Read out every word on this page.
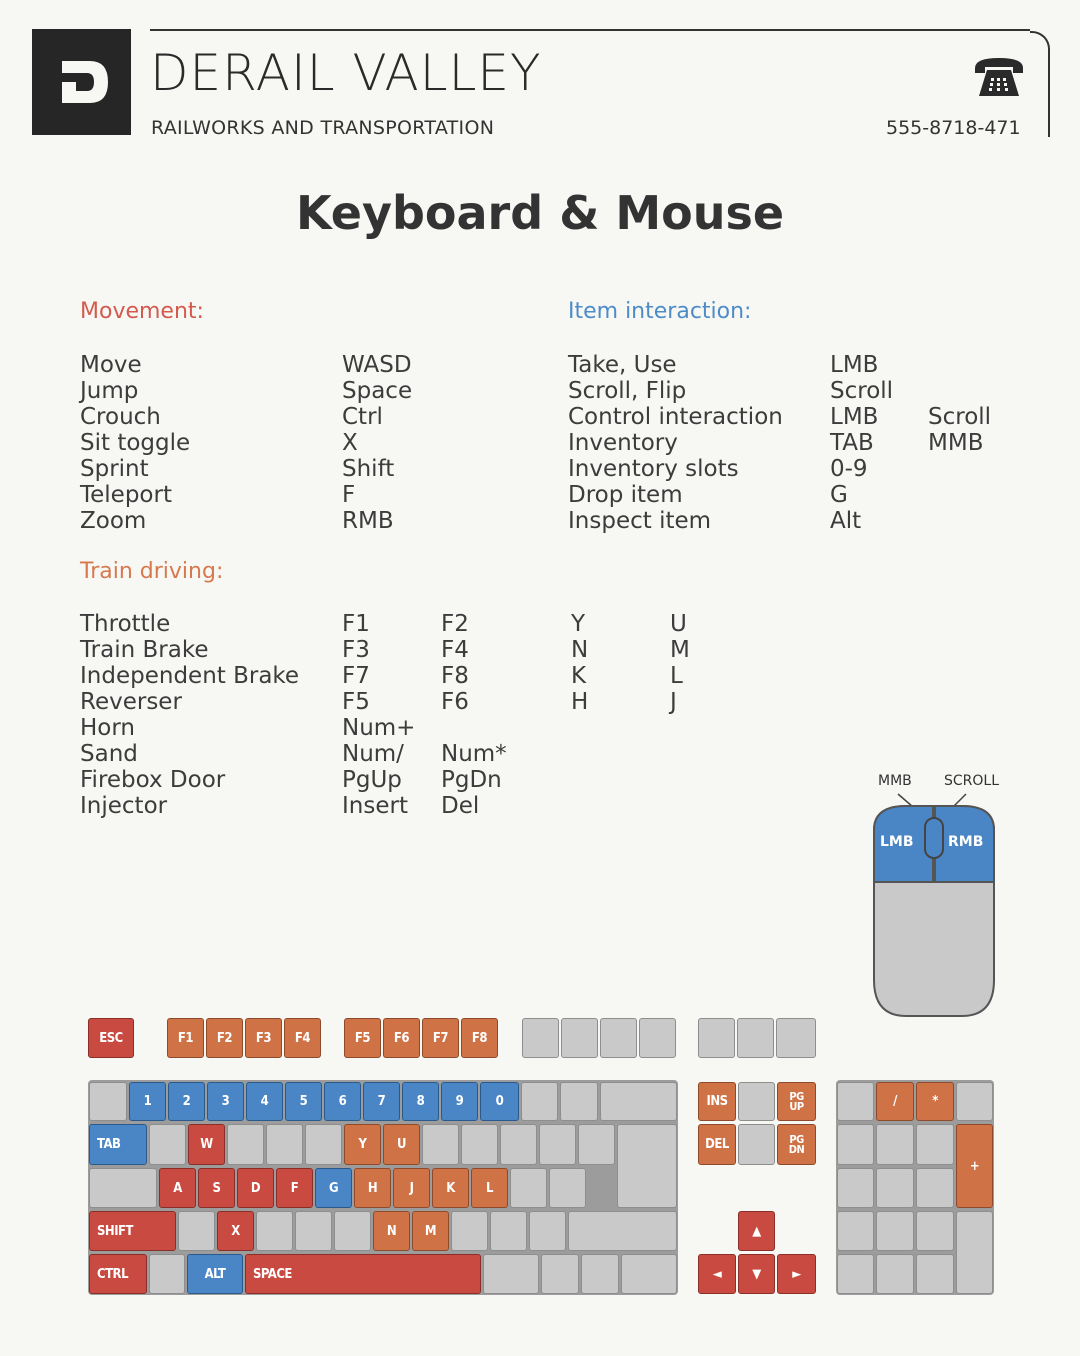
DERAIL VALLEY
RAILWORKS AND TRANSPORTATION	555-8718-471
Keyboard & Mouse
Movement:
Move	WASD
Jump	Space
Crouch	Ctrl
Sit toggle	X
Sprint	Shift
Teleport	F
Zoom	RMB
Item interaction:
Take, Use	LMB
Scroll, Flip	Scroll
Control interaction LMB Scroll
Inventory	TAB MMB
Inventory slots	0-9
Drop item	G
Inspect item	Alt
Train driving:
Throttle	F1	F2	Y	U
Train Brake	F3	F4	N	M
Independent Brake F7	F8	K	L
Reverser	F5	F6	H	J
Horn	Num+
Sand	Num/ Num*
Firebox Door	PgUp PgDn
Injector	Insert Del
MMB SCROLL
LMB RMB
ESC	F1	F2	F3	F4	F5	F6	F7	F8
1	2	3	4	5	6	7	8	9	0
TAB	W	Y	U
A	S	D	F	G	H	J	K	L
SHIFT	X	N	M
CTRL	ALT	SPACE
INS	PG
UP
DEL	PG
DN
▲
◄	▼	►
/	*
+
